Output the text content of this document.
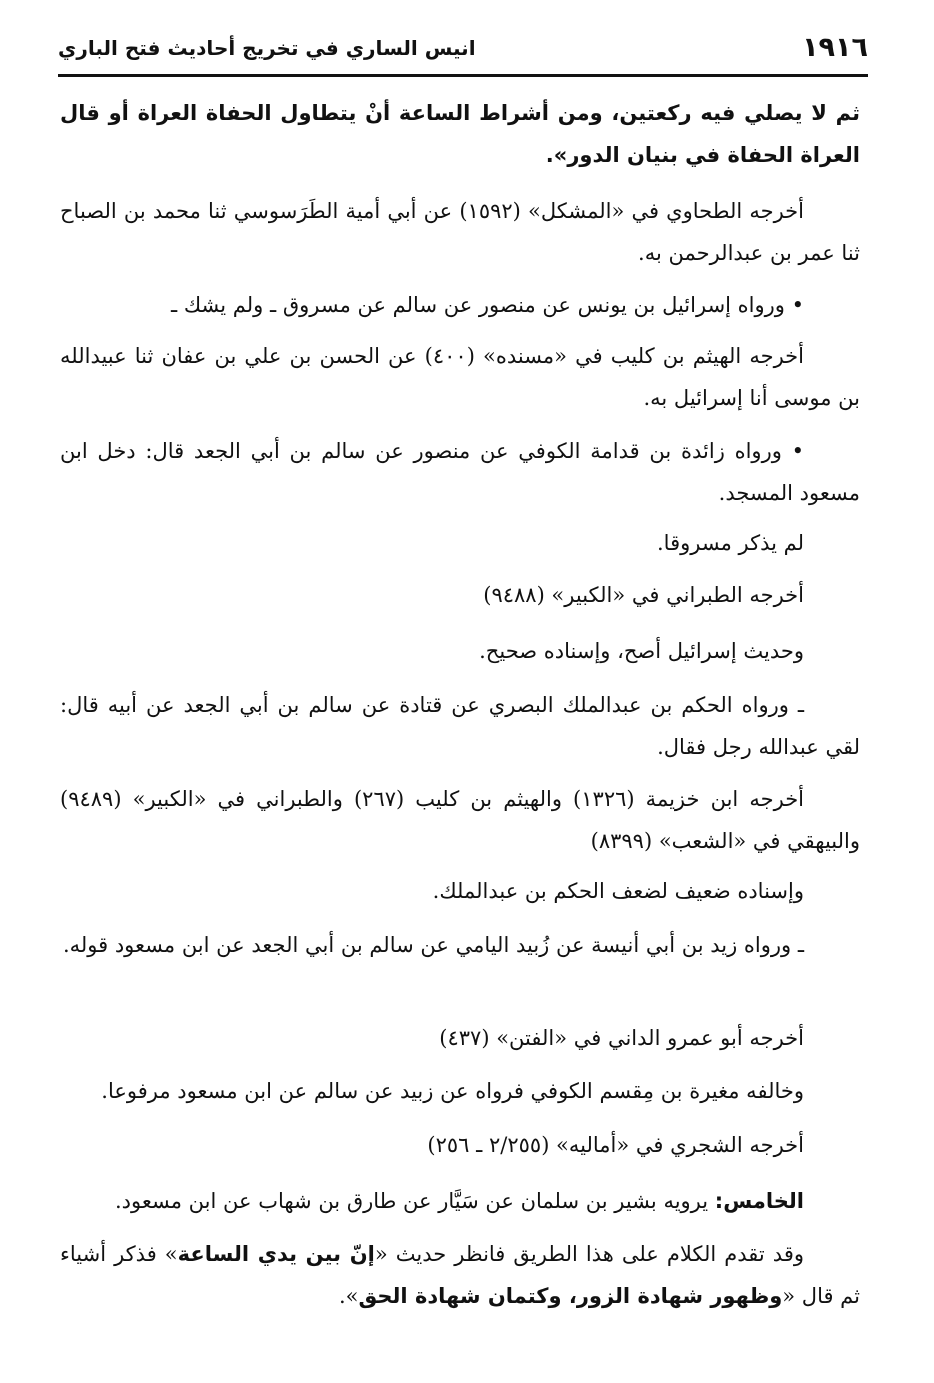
١٩١٦
انيس الساري في تخريج أحاديث فتح الباري

ثم لا يصلي فيه ركعتين، ومن أشراط الساعة أنْ يتطاول الحفاة العراة أو قال العراة الحفاة في بنيان الدور».

أخرجه الطحاوي في «المشكل» (١٥٩٢) عن أبي أمية الطَرَسوسي ثنا محمد بن الصباح ثنا عمر بن عبدالرحمن به.

• ورواه إسرائيل بن يونس عن منصور عن سالم عن مسروق ـ ولم يشك ـ

أخرجه الهيثم بن كليب في «مسنده» (٤٠٠) عن الحسن بن علي بن عفان ثنا عبيدالله بن موسى أنا إسرائيل به.

• ورواه زائدة بن قدامة الكوفي عن منصور عن سالم بن أبي الجعد قال: دخل ابن مسعود المسجد.

لم يذكر مسروقا.

أخرجه الطبراني في «الكبير» (٩٤٨٨)

وحديث إسرائيل أصح، وإسناده صحيح.

ـ ورواه الحكم بن عبدالملك البصري عن قتادة عن سالم بن أبي الجعد عن أبيه قال: لقي عبدالله رجل فقال.

أخرجه ابن خزيمة (١٣٢٦) والهيثم بن كليب (٢٦٧) والطبراني في «الكبير» (٩٤٨٩) والبيهقي في «الشعب» (٨٣٩٩)

وإسناده ضعيف لضعف الحكم بن عبدالملك.

ـ ورواه زيد بن أبي أنيسة عن زُبيد اليامي عن سالم بن أبي الجعد عن ابن مسعود قوله.

أخرجه أبو عمرو الداني في «الفتن» (٤٣٧)

وخالفه مغيرة بن مِقسم الكوفي فرواه عن زبيد عن سالم عن ابن مسعود مرفوعا.

أخرجه الشجري في «أماليه» (٢/٢٥٥ ـ ٢٥٦)

الخامس: يرويه بشير بن سلمان عن سَيَّار عن طارق بن شهاب عن ابن مسعود.

وقد تقدم الكلام على هذا الطريق فانظر حديث «إنّ بين يدي الساعة» فذكر أشياء ثم قال «وظهور شهادة الزور، وكتمان شهادة الحق».
